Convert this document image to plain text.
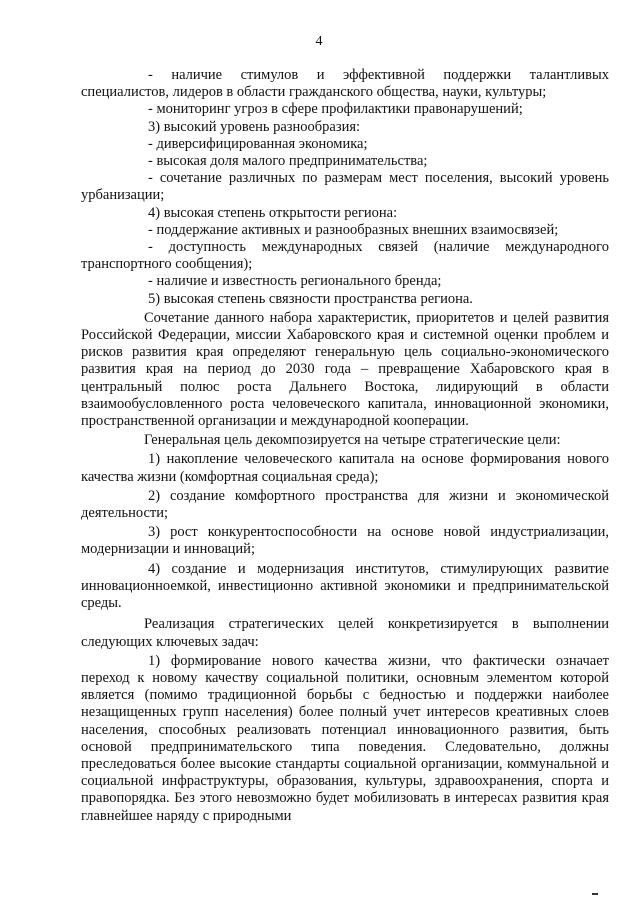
4

- наличие стимулов и эффективной поддержки талантливых специалистов, лидеров в области гражданского общества, науки, культуры;

- мониторинг угроз в сфере профилактики правонарушений;

3) высокий уровень разнообразия:

- диверсифицированная экономика;

- высокая доля малого предпринимательства;

- сочетание различных по размерам мест поселения, высокий уровень урбанизации;

4) высокая степень открытости региона:

- поддержание активных и разнообразных внешних взаимосвязей;

- доступность международных связей (наличие международного транспортного сообщения);

- наличие и известность регионального бренда;

5) высокая степень связности пространства региона.

Сочетание данного набора характеристик, приоритетов и целей развития Российской Федерации, миссии Хабаровского края и системной оценки проблем и рисков развития края определяют генеральную цель социально-экономического развития края на период до 2030 года – превращение Хабаровского края в центральный полюс роста Дальнего Востока, лидирующий в области взаимообусловленного роста человеческого капитала, инновационной экономики, пространственной организации и международной кооперации.

Генеральная цель декомпозируется на четыре стратегические цели:

1) накопление человеческого капитала на основе формирования нового качества жизни (комфортная социальная среда);

2) создание комфортного пространства для жизни и экономической деятельности;

3) рост конкурентоспособности на основе новой индустриализации, модернизации и инноваций;

4) создание и модернизация институтов, стимулирующих развитие инновационноемкой, инвестиционно активной экономики и предпринимательской среды.

Реализация стратегических целей конкретизируется в выполнении следующих ключевых задач:

1) формирование нового качества жизни, что фактически означает переход к новому качеству социальной политики, основным элементом которой является (помимо традиционной борьбы с бедностью и поддержки наиболее незащищенных групп населения) более полный учет интересов креативных слоев населения, способных реализовать потенциал инновационного развития, быть основой предпринимательского типа поведения. Следовательно, должны преследоваться более высокие стандарты социальной организации, коммунальной и социальной инфраструктуры, образования, культуры, здравоохранения, спорта и правопорядка. Без этого невозможно будет мобилизовать в интересах развития края главнейшее наряду с природными
